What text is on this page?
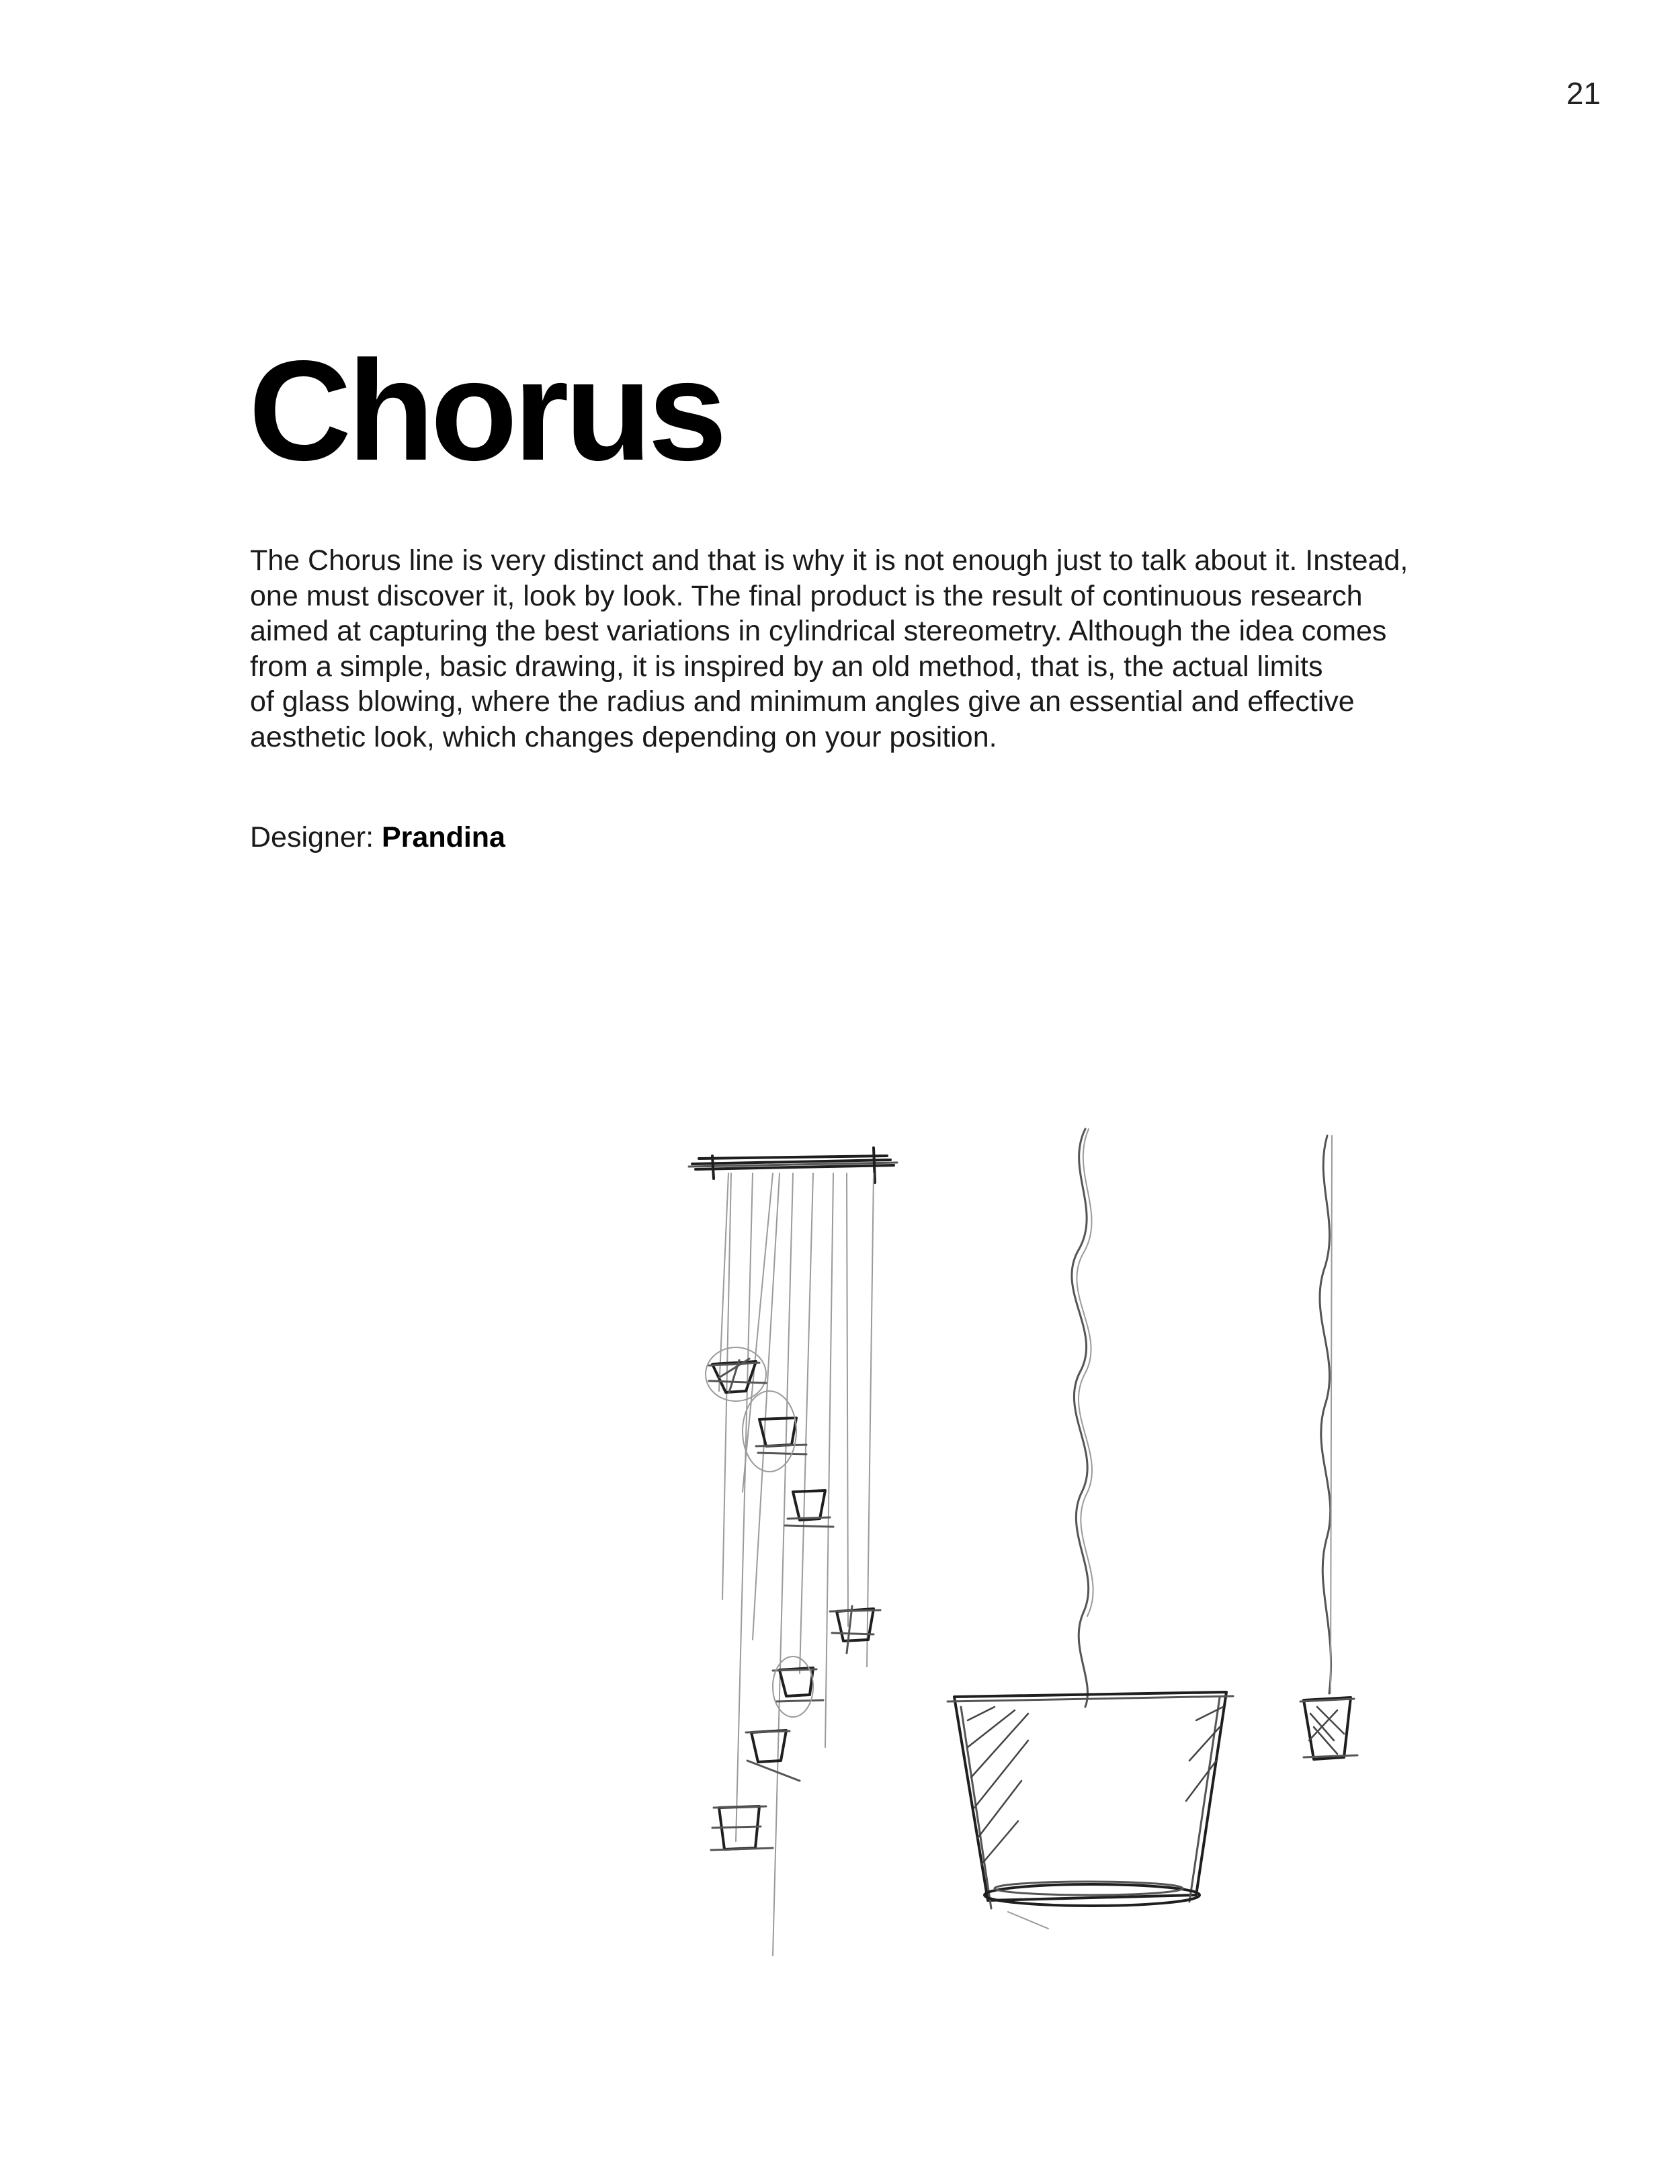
21
Chorus

The Chorus line is very distinct and that is why it is not enough just to talk about it. Instead,
one must discover it, look by look. The final product is the result of continuous research
aimed at capturing the best variations in cylindrical stereometry. Although the idea comes
from a simple, basic drawing, it is inspired by an old method, that is, the actual limits
of glass blowing, where the radius and minimum angles give an essential and effective
aesthetic look, which changes depending on your position.

Designer: Prandina
